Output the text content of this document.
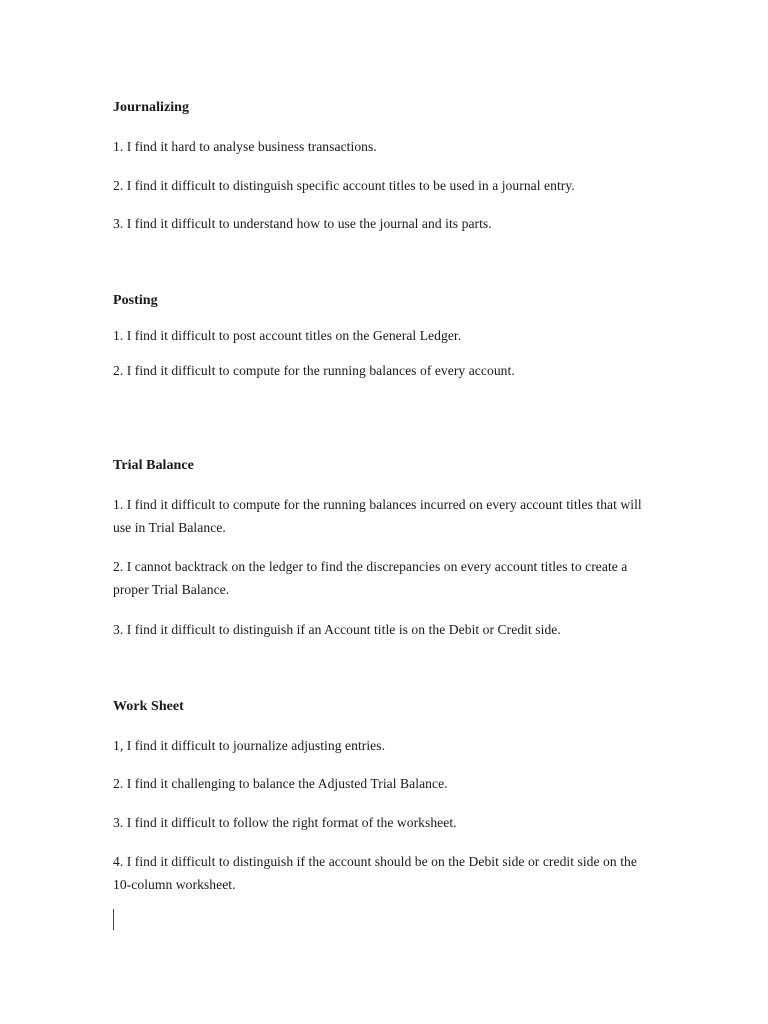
Journalizing

1. I find it hard to analyse business transactions.

2. I find it difficult to distinguish specific account titles to be used in a journal entry.

3. I find it difficult to understand how to use the journal and its parts.

Posting

1. I find it difficult to post account titles on the General Ledger.

2. I find it difficult to compute for the running balances of every account.

Trial Balance

1. I find it difficult to compute for the running balances incurred on every account titles that will use in Trial Balance.

2. I cannot backtrack on the ledger to find the discrepancies on every account titles to create a proper Trial Balance.

3. I find it difficult to distinguish if an Account title is on the Debit or Credit side.

Work Sheet

1, I find it difficult to journalize adjusting entries.

2. I find it challenging to balance the Adjusted Trial Balance.

3. I find it difficult to follow the right format of the worksheet.

4. I find it difficult to distinguish if the account should be on the Debit side or credit side on the 10-column worksheet.
